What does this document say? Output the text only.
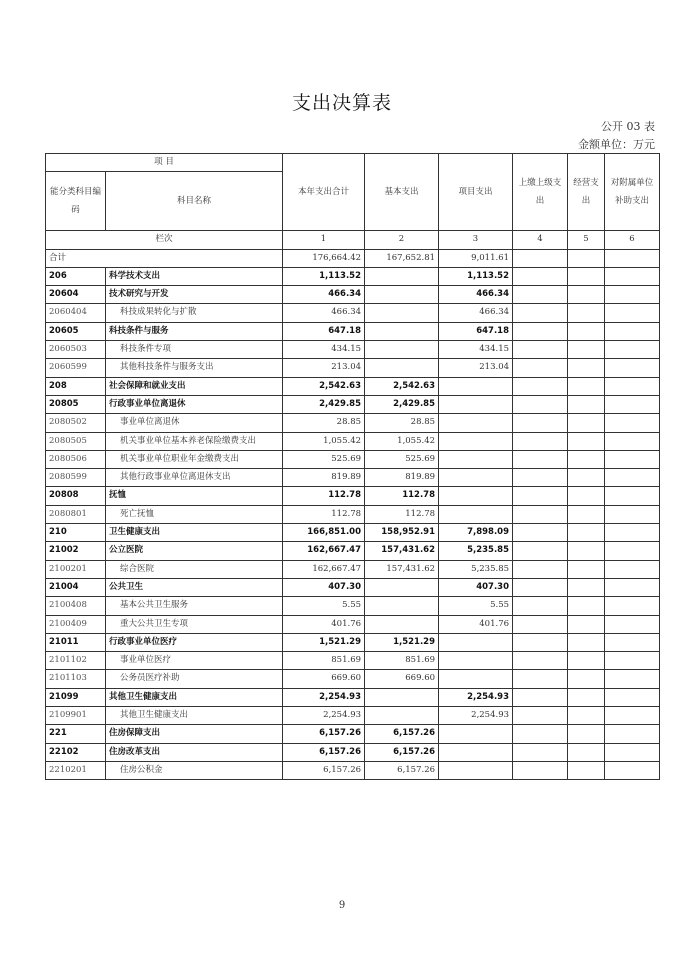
支出决算表
公开 03 表
金额单位：万元
项 目		本年支出合计	基本支出	项目支出	上缴上级支出	经营支出	对附属单位补助支出
能分类科目编码	科目名称						
栏次		1	2	3	4	5	6
合计		176,664.42	167,652.81	9,011.61			
206	科学技术支出	1,113.52		1,113.52			
20604	技术研究与开发	466.34		466.34			
2060404	科技成果转化与扩散	466.34		466.34			
20605	科技条件与服务	647.18		647.18			
2060503	科技条件专项	434.15		434.15			
2060599	其他科技条件与服务支出	213.04		213.04			
208	社会保障和就业支出	2,542.63	2,542.63				
20805	行政事业单位离退休	2,429.85	2,429.85				
2080502	事业单位离退休	28.85	28.85				
2080505	机关事业单位基本养老保险缴费支出	1,055.42	1,055.42				
2080506	机关事业单位职业年金缴费支出	525.69	525.69				
2080599	其他行政事业单位离退休支出	819.89	819.89				
20808	抚恤	112.78	112.78				
2080801	死亡抚恤	112.78	112.78				
210	卫生健康支出	166,851.00	158,952.91	7,898.09			
21002	公立医院	162,667.47	157,431.62	5,235.85			
2100201	综合医院	162,667.47	157,431.62	5,235.85			
21004	公共卫生	407.30		407.30			
2100408	基本公共卫生服务	5.55		5.55			
2100409	重大公共卫生专项	401.76		401.76			
21011	行政事业单位医疗	1,521.29	1,521.29				
2101102	事业单位医疗	851.69	851.69				
2101103	公务员医疗补助	669.60	669.60				
21099	其他卫生健康支出	2,254.93		2,254.93			
2109901	其他卫生健康支出	2,254.93		2,254.93			
221	住房保障支出	6,157.26	6,157.26				
22102	住房改革支出	6,157.26	6,157.26				
2210201	住房公积金	6,157.26	6,157.26				
9
